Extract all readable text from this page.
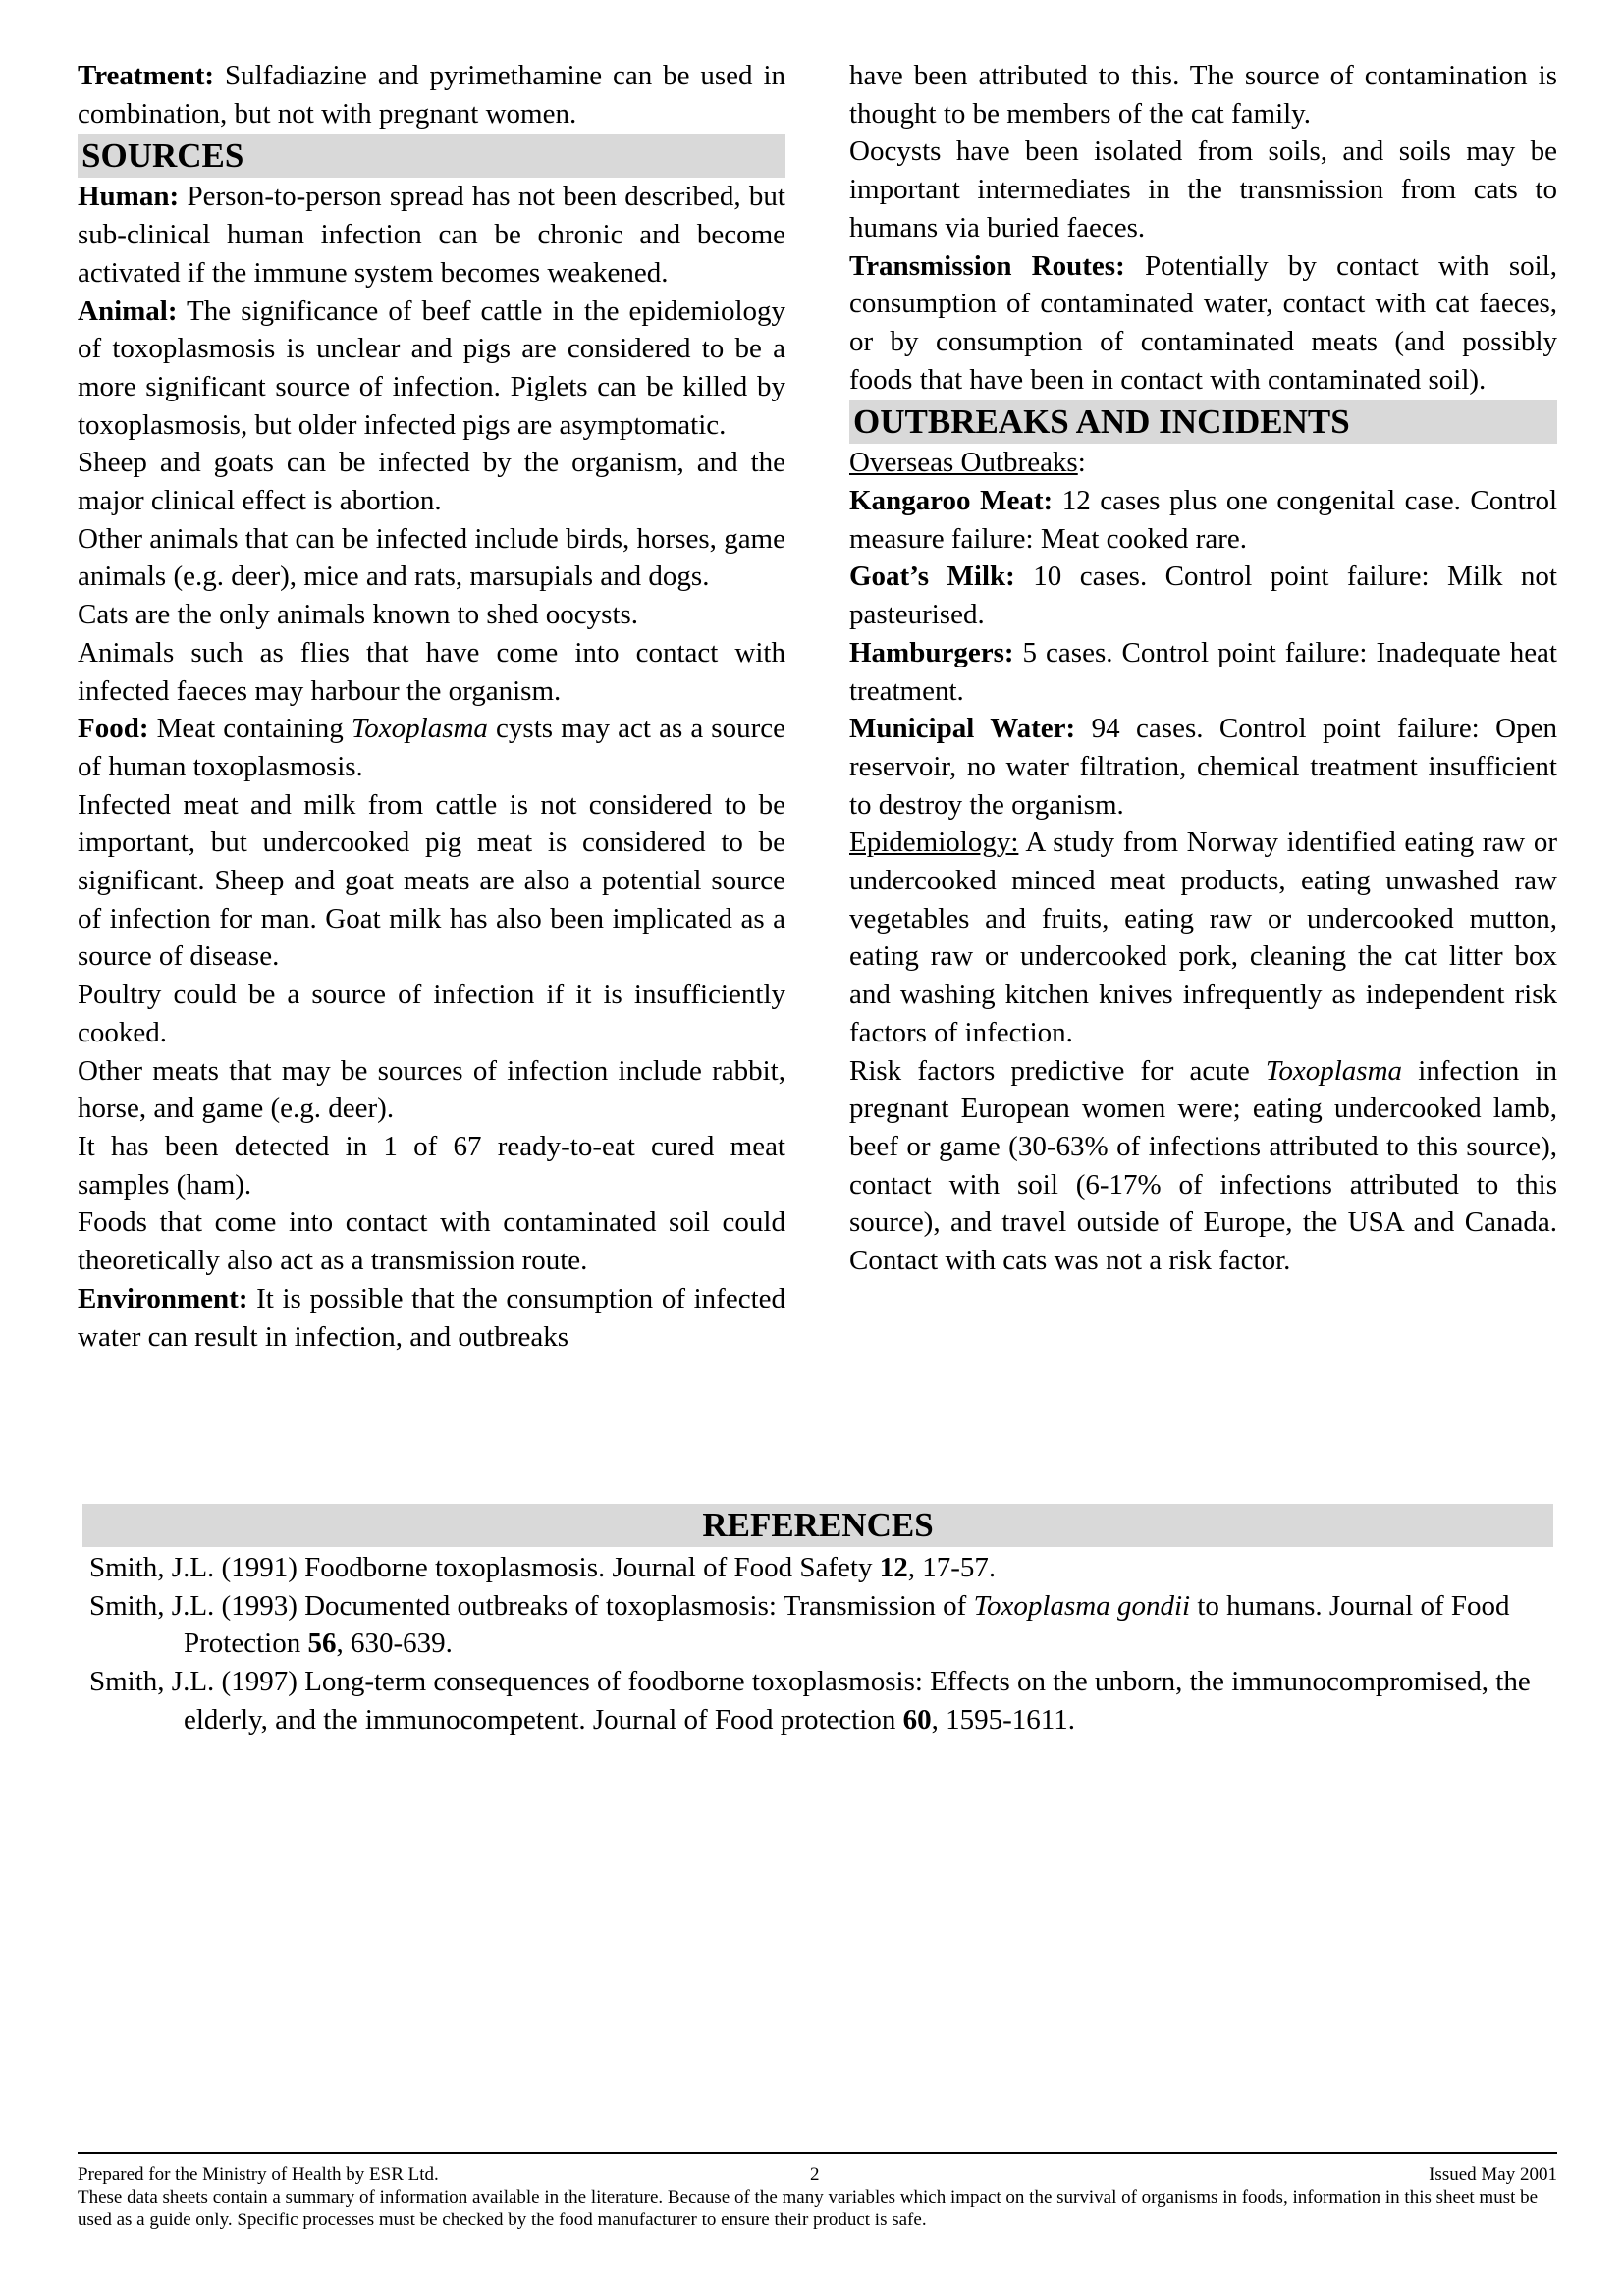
Treatment: Sulfadiazine and pyrimethamine can be used in combination, but not with pregnant women.

SOURCES

Human: Person-to-person spread has not been described, but sub-clinical human infection can be chronic and become activated if the immune system becomes weakened.

Animal: The significance of beef cattle in the epidemiology of toxoplasmosis is unclear and pigs are considered to be a more significant source of infection. Piglets can be killed by toxoplasmosis, but older infected pigs are asymptomatic.

Sheep and goats can be infected by the organism, and the major clinical effect is abortion.

Other animals that can be infected include birds, horses, game animals (e.g. deer), mice and rats, marsupials and dogs.

Cats are the only animals known to shed oocysts.

Animals such as flies that have come into contact with infected faeces may harbour the organism.

Food: Meat containing Toxoplasma cysts may act as a source of human toxoplasmosis.

Infected meat and milk from cattle is not considered to be important, but undercooked pig meat is considered to be significant. Sheep and goat meats are also a potential source of infection for man. Goat milk has also been implicated as a source of disease.

Poultry could be a source of infection if it is insufficiently cooked.

Other meats that may be sources of infection include rabbit, horse, and game (e.g. deer).

It has been detected in 1 of 67 ready-to-eat cured meat samples (ham).

Foods that come into contact with contaminated soil could theoretically also act as a transmission route.

Environment: It is possible that the consumption of infected water can result in infection, and outbreaks

have been attributed to this. The source of contamination is thought to be members of the cat family.

Oocysts have been isolated from soils, and soils may be important intermediates in the transmission from cats to humans via buried faeces.

Transmission Routes: Potentially by contact with soil, consumption of contaminated water, contact with cat faeces, or by consumption of contaminated meats (and possibly foods that have been in contact with contaminated soil).

OUTBREAKS AND INCIDENTS

Overseas Outbreaks:

Kangaroo Meat: 12 cases plus one congenital case. Control measure failure: Meat cooked rare.

Goat’s Milk: 10 cases. Control point failure: Milk not pasteurised.

Hamburgers: 5 cases. Control point failure: Inadequate heat treatment.

Municipal Water: 94 cases. Control point failure: Open reservoir, no water filtration, chemical treatment insufficient to destroy the organism.

Epidemiology: A study from Norway identified eating raw or undercooked minced meat products, eating unwashed raw vegetables and fruits, eating raw or undercooked mutton, eating raw or undercooked pork, cleaning the cat litter box and washing kitchen knives infrequently as independent risk factors of infection.

Risk factors predictive for acute Toxoplasma infection in pregnant European women were; eating undercooked lamb, beef or game (30-63% of infections attributed to this source), contact with soil (6-17% of infections attributed to this source), and travel outside of Europe, the USA and Canada. Contact with cats was not a risk factor.

REFERENCES

Smith, J.L. (1991) Foodborne toxoplasmosis. Journal of Food Safety 12, 17-57.

Smith, J.L. (1993) Documented outbreaks of toxoplasmosis: Transmission of Toxoplasma gondii to humans. Journal of Food Protection 56, 630-639.

Smith, J.L. (1997) Long-term consequences of foodborne toxoplasmosis: Effects on the unborn, the immunocompromised, the elderly, and the immunocompetent. Journal of Food protection 60, 1595-1611.

Prepared for the Ministry of Health by ESR Ltd.	2	Issued May 2001
These data sheets contain a summary of information available in the literature. Because of the many variables which impact on the survival of organisms in foods, information in this sheet must be used as a guide only. Specific processes must be checked by the food manufacturer to ensure their product is safe.
